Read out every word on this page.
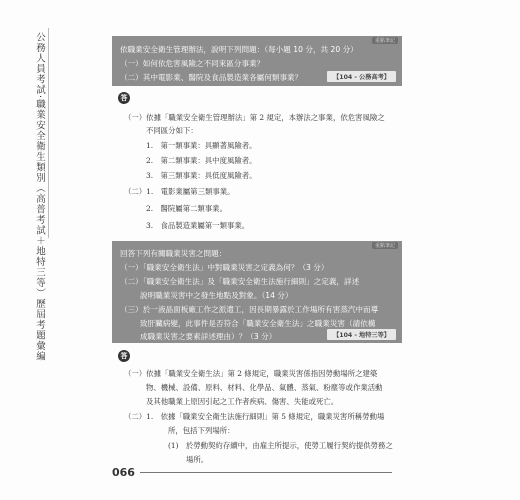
公務人員考試‧職業安全衛生類別（高普考試＋地特三等）歷屆考題彙編	重點筆記
依職業安全衛生管理辦法，說明下列問題：（每小題 10 分，共 20 分）
（一）如何依危害風險之不同來區分事業？
（二）其中電影業、醫院及食品製造業各屬何類事業？	【104 - 公務高考】
答
（一）依據「職業安全衛生管理辦法」第 2 規定，本辦法之事業，依危害風險之
不同區分如下：
1.　第一類事業：具顯著風險者。
2.　第二類事業：具中度風險者。
3.　第三類事業：具低度風險者。
（二）1.　電影業屬第三類事業。
2.　醫院屬第二類事業。
3.　食品製造業屬第一類事業。
重點筆記
回答下列有關職業災害之問題：
（一）「職業安全衛生法」中對職業災害之定義為何？（3 分）
（二）「職業安全衛生法」及「職業安全衛生法施行細則」之定義，詳述
說明職業災害中之發生地點及對象。（14 分）
（三）於一液晶面板廠工作之派遣工，因長期暴露於工作場所有害蒸汽中而導
致肝臟病變，此事件是否符合「職業安全衛生法」之職業災害（請依構
成職業災害之要素詳述理由）？（3 分）	【104 - 地特三等】
答
（一）依據「職業安全衛生法」第 2 條規定，職業災害係指因勞動場所之建築
物、機械、設備、原料、材料、化學品、氣體、蒸氣、粉塵等或作業活動
及其他職業上原因引起之工作者疾病、傷害、失能或死亡。
（二）1.　依據「職業安全衛生法施行細則」第 5 條規定，職業災害所稱勞動場
所，包括下列場所：
(1)　於勞動契約存續中，由雇主所提示，使勞工履行契約提供勞務之
場所。
066
